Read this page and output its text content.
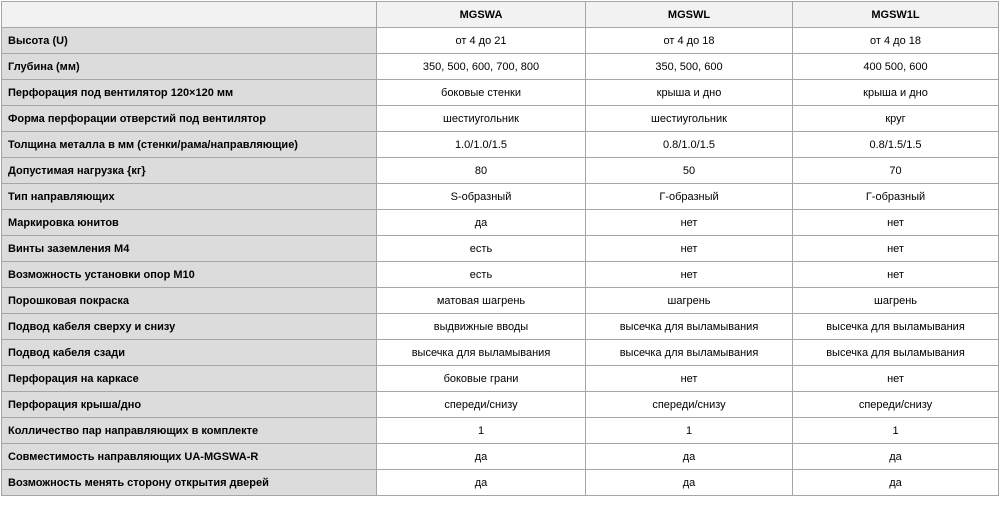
	MGSWA	MGSWL	MGSW1L
Высота (U)	от 4 до 21	от 4 до 18	от 4 до 18
Глубина (мм)	350, 500, 600, 700, 800	350, 500, 600	400 500, 600
Перфорация под вентилятор 120×120 мм	боковые стенки	крыша и дно	крыша и дно
Форма перфорации отверстий под вентилятор	шестиугольник	шестиугольник	круг
Толщина металла в мм (стенки/рама/направляющие)	1.0/1.0/1.5	0.8/1.0/1.5	0.8/1.5/1.5
Допустимая нагрузка {кг}	80	50	70
Тип направляющих	S-образный	Г-образный	Г-образный
Маркировка юнитов	да	нет	нет
Винты заземления М4	есть	нет	нет
Возможность установки опор М10	есть	нет	нет
Порошковая покраска	матовая шагрень	шагрень	шагрень
Подвод кабеля сверху и снизу	выдвижные вводы	высечка для выламывания	высечка для выламывания
Подвод кабеля сзади	высечка для выламывания	высечка для выламывания	высечка для выламывания
Перфорация на каркасе	боковые грани	нет	нет
Перфорация крыша/дно	спереди/снизу	спереди/снизу	спереди/снизу
Колличество пар направляющих в комплекте	1	1	1
Совместимость направляющих UA-MGSWA-R	да	да	да
Возможность менять сторону открытия дверей	да	да	да
